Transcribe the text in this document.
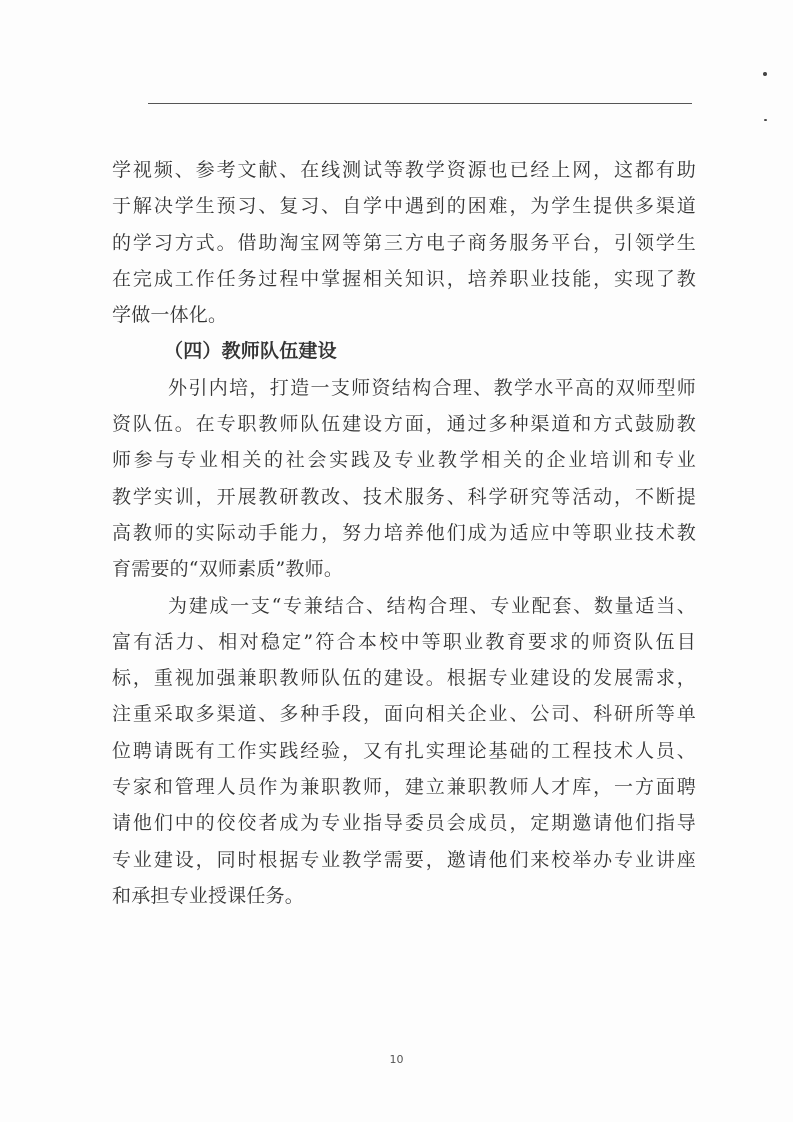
学视频、参考文献、在线测试等教学资源也已经上网，这都有助
于解决学生预习、复习、自学中遇到的困难，为学生提供多渠道
的学习方式。借助淘宝网等第三方电子商务服务平台，引领学生
在完成工作任务过程中掌握相关知识，培养职业技能，实现了教
学做一体化。
（四）教师队伍建设
外引内培，打造一支师资结构合理、教学水平高的双师型师
资队伍。在专职教师队伍建设方面，通过多种渠道和方式鼓励教
师参与专业相关的社会实践及专业教学相关的企业培训和专业
教学实训，开展教研教改、技术服务、科学研究等活动，不断提
高教师的实际动手能力，努力培养他们成为适应中等职业技术教
育需要的“双师素质”教师。
为建成一支“专兼结合、结构合理、专业配套、数量适当、
富有活力、相对稳定”符合本校中等职业教育要求的师资队伍目
标，重视加强兼职教师队伍的建设。根据专业建设的发展需求，
注重采取多渠道、多种手段，面向相关企业、公司、科研所等单
位聘请既有工作实践经验，又有扎实理论基础的工程技术人员、
专家和管理人员作为兼职教师，建立兼职教师人才库，一方面聘
请他们中的佼佼者成为专业指导委员会成员，定期邀请他们指导
专业建设，同时根据专业教学需要，邀请他们来校举办专业讲座
和承担专业授课任务。
10
